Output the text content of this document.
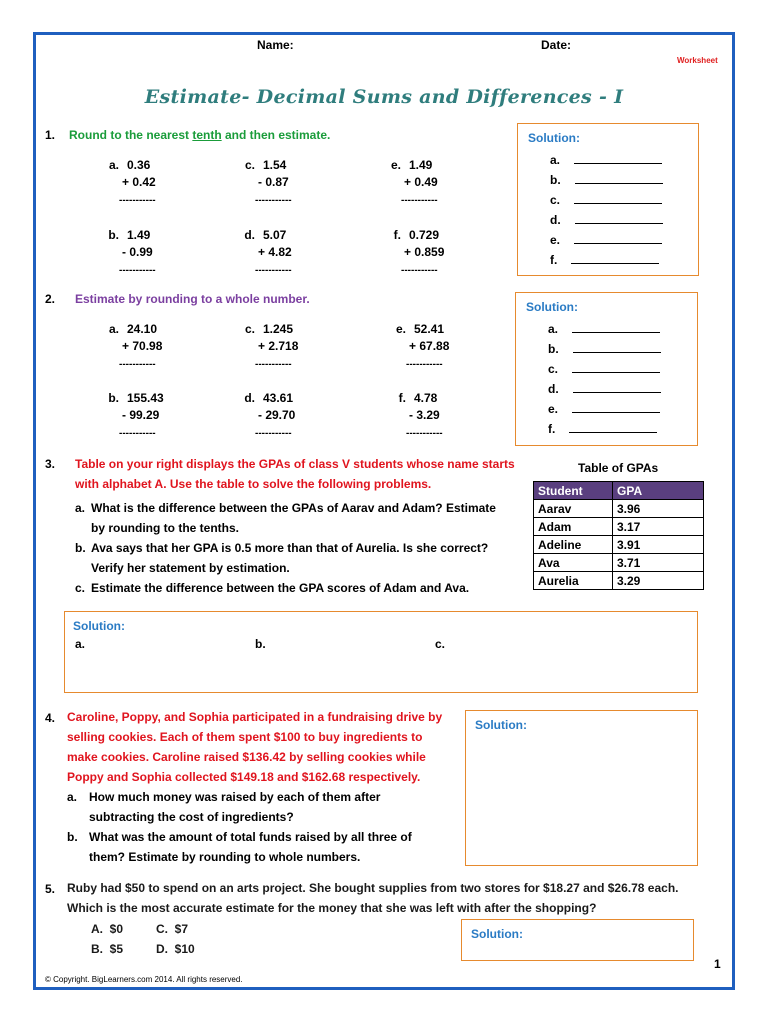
Name:	Date:
Worksheet
Estimate- Decimal Sums and Differences - I
1. Round to the nearest tenth and then estimate.
a. 0.36
+ 0.42
-----------
c. 1.54
- 0.87
-----------
e. 1.49
+ 0.49
-----------
b. 1.49
- 0.99
-----------
d. 5.07
+ 4.82
-----------
f. 0.729
+ 0.859
-----------
Solution:
a.
b.
c.
d.
e.
f.
2. Estimate by rounding to a whole number.
a. 24.10
+ 70.98
-----------
c. 1.245
+ 2.718
-----------
e. 52.41
+ 67.88
-----------
b. 155.43
- 99.29
-----------
d. 43.61
- 29.70
-----------
f. 4.78
- 3.29
-----------
Solution:
a.
b.
c.
d.
e.
f.
3. Table on your right displays the GPAs of class V students whose name starts
with alphabet A. Use the table to solve the following problems.
a. What is the difference between the GPAs of Aarav and Adam? Estimate
by rounding to the tenths.
b. Ava says that her GPA is 0.5 more than that of Aurelia. Is she correct?
Verify her statement by estimation.
c. Estimate the difference between the GPA scores of Adam and Ava.
Table of GPAs
Student	GPA
Aarav	3.96
Adam	3.17
Adeline	3.91
Ava	3.71
Aurelia	3.29
Solution:
a.	b.	c.
4. Caroline, Poppy, and Sophia participated in a fundraising drive by
selling cookies. Each of them spent $100 to buy ingredients to
make cookies. Caroline raised $136.42 by selling cookies while
Poppy and Sophia collected $149.18 and $162.68 respectively.
a. How much money was raised by each of them after
subtracting the cost of ingredients?
b. What was the amount of total funds raised by all three of
them? Estimate by rounding to whole numbers.
Solution:
5. Ruby had $50 to spend on an arts project. She bought supplies from two stores for $18.27 and $26.78 each.
Which is the most accurate estimate for the money that she was left with after the shopping?
A. $0	C. $7
B. $5	D. $10
Solution:
© Copyright. BigLearners.com 2014. All rights reserved.
1
